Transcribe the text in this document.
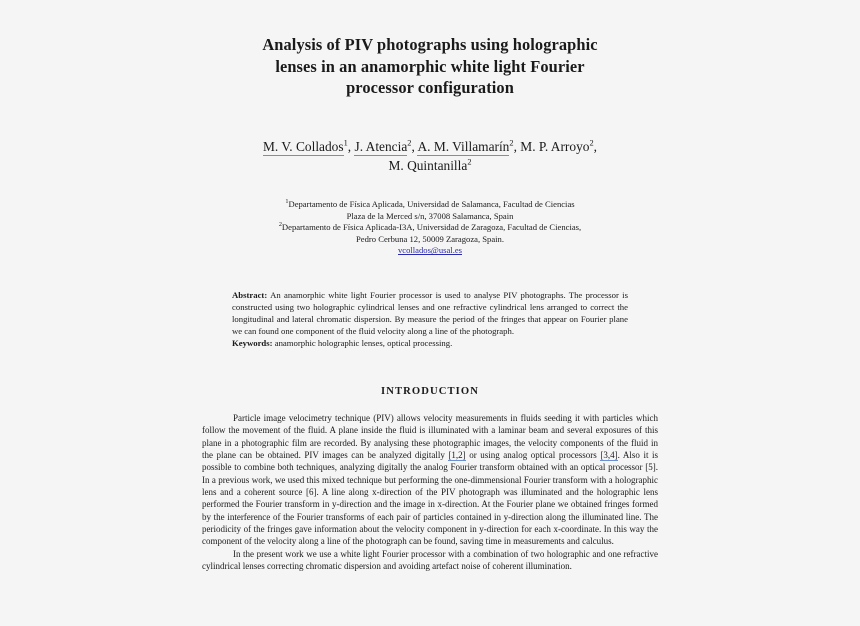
Analysis of PIV photographs using holographic
lenses in an anamorphic white light Fourier
processor configuration
M. V. Collados$^1$, J. Atencia$^2$, A. M. Villamarín$^2$, M. P. Arroyo$^2$,
M. Quintanilla$^2$
$^1$Departamento de Física Aplicada, Universidad de Salamanca, Facultad de Ciencias
Plaza de la Merced s/n, 37008 Salamanca, Spain
$^2$Departamento de Física Aplicada-I3A, Universidad de Zaragoza, Facultad de Ciencias,
Pedro Cerbuna 12, 50009 Zaragoza, Spain.
vcollados@usal.es
Abstract: An anamorphic white light Fourier processor is used to analyse PIV photographs. The processor is constructed using two holographic cylindrical lenses and one refractive cylindrical lens arranged to correct the longitudinal and lateral chromatic dispersion. By measure the period of the fringes that appear on Fourier plane we can found one component of the fluid velocity along a line of the photograph.
Keywords: anamorphic holographic lenses, optical processing.
INTRODUCTION

Particle image velocimetry technique (PIV) allows velocity measurements in fluids seeding it with particles which follow the movement of the fluid. A plane inside the fluid is illuminated with a laminar beam and several exposures of this plane in a photographic film are recorded. By analysing these photographic images, the velocity components of the fluid in the plane can be obtained. PIV images can be analyzed digitally [1,2] or using analog optical processors [3,4]. Also it is possible to combine both techniques, analyzing digitally the analog Fourier transform obtained with an optical processor [5]. In a previous work, we used this mixed technique but performing the one-dimmensional Fourier transform with a holographic lens and a coherent source [6]. A line along x-direction of the PIV photograph was illuminated and the holographic lens performed the Fourier transform in y-direction and the image in x-direction. At the Fourier plane we obtained fringes formed by the interference of the Fourier transforms of each pair of particles contained in y-direction along the illuminated line. The periodicity of the fringes gave information about the velocity component in y-direction for each x-coordinate. In this way the component of the velocity along a line of the photograph can be found, saving time in measurements and calculus.

In the present work we use a white light Fourier processor with a combination of two holographic and one refractive cylindrical lenses correcting chromatic dispersion and avoiding artefact noise of coherent illumination.
